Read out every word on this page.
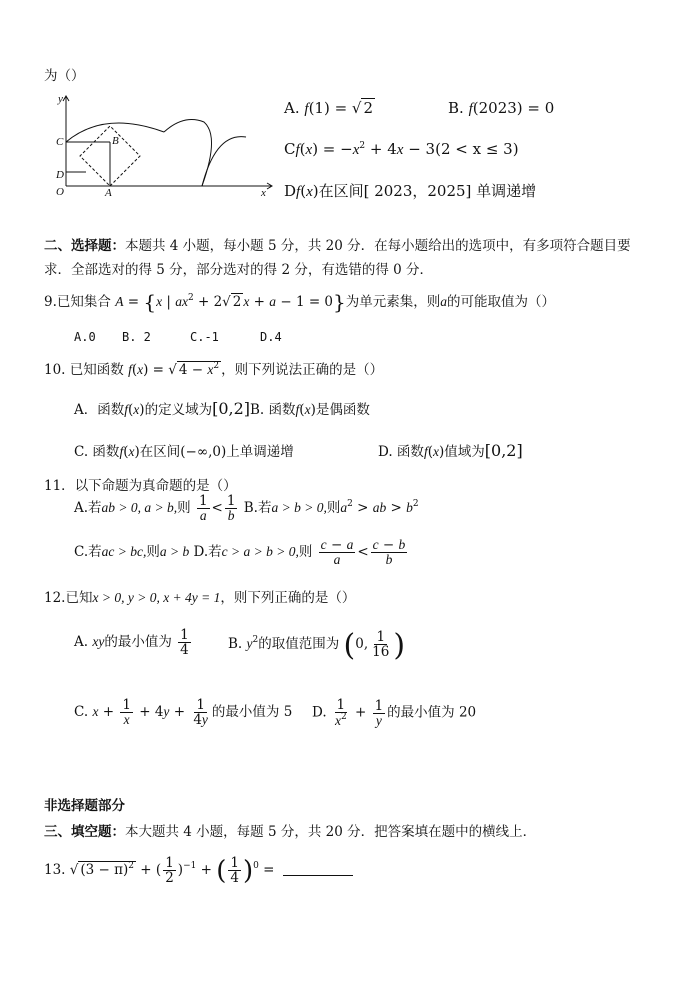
为（）
y
x
O
C
D
B
A
A. f(1) = √ 2	B. f(2023) = 0
$Cf(x) = -x^2 + 4x - 3(2 < x \le 3)$
Df(x)在区间[ 2023，2025] 单调递增
二、选择题：本题共 4 小题，每小题 5 分，共 20 分．在每小题给出的选项中，有多项符合题目要
求．全部选对的得 5 分，部分选对的得 2 分，有选错的得 0 分．
9.已知集合 A = {x | $ax^2 + 2√$ 2 x + a − 1 = 0}为单元素集，则a的可能取值为（）
A.0 B. 2	C.-1	D.4
10. 已知函数 f(x) = √ $4 - x^2$ ，则下列说法正确的是（）
A．函数f(x)的定义域为[0,2]B. 函数f(x)是偶函数
C. 函数f(x)在区间(−∞,0)上单调递增	D. 函数f(x)值域为[0,2]
11．以下命题为真命题的是（）
A.若ab > 0, a > b,则 $\frac{1}{a} < \frac{1}{b} B$.若a > b > 0,则$a^2$ > ab > $b^2$
C.若ac > bc,则a > b D.若c > a > b > 0,则 $\frac{c - a}{a} < \frac{c - b}{b}$
12.已知x > 0, y > 0, x + 4y = 1，则下列正确的是（）
A. xy的最小值为 $\frac{1}{4}$	B. $y^2$的取值范围为 (0, $\frac{1}{16}$ )
C. $x + \frac{1}{x} + 4y + \frac{1}{4y}$ 的最小值为 5 D. $\frac{1}{x^2} + \frac{1}{y}$ 的最小值为 20
非选择题部分
三、填空题：本大题共 4 小题，每题 5 分，共 20 分．把答案填在题中的横线上．
13. √ $(3 - \pi)^2$ + ( $\frac{1}{2} )^{-1}$ + ( $\frac{1}{4} )^0$ =
